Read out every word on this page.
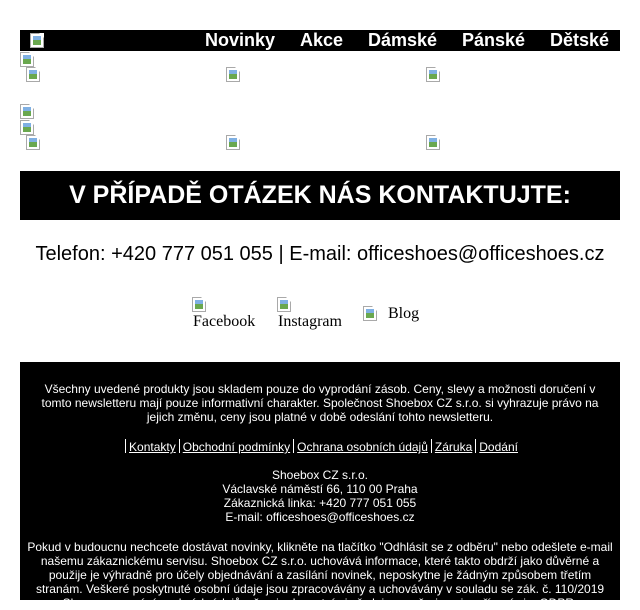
Novinky Akce Dámské Pánské Dětské
V PŘÍPADĚ OTÁZEK NÁS KONTAKTUJTE:
Telefon: +420 777 051 055 | E-mail: officeshoes@officeshoes.cz
Facebook Instagram	Blog

Všechny uvedené produkty jsou skladem pouze do vyprodání zásob. Ceny, slevy a možnosti doručení v tomto newsletteru mají pouze informativní charakter. Společnost Shoebox CZ s.r.o. si vyhrazuje právo na jejich změnu, ceny jsou platné v době odeslání tohto newsletteru.

Kontakty Obchodní podmínky Ochrana osobních údajů Záruka Dodání
Shoebox CZ s.r.o.
Václavské náměstí 66, 110 00 Praha
Zákaznická linka: +420 777 051 055
E-mail: officeshoes@officeshoes.cz

Pokud v budoucnu nechcete dostávat novinky, klikněte na tlačítko "Odhlásit se z odběru" nebo odešlete e-mail našemu zákaznickému servisu. Shoebox CZ s.r.o. uchovává informace, které takto obdrží jako důvěrné a použije je výhradně pro účely objednávání a zasílání novinek, neposkytne je žádným způsobem třetím stranám. Veškeré poskytnuté osobní údaje jsou zpracovávány a uchovávány v souladu se zák. č. 110/2019 Sb., o zpracování osobních údajů, všemi relevantními předpisy, směrnicemi, nařízeními a GDPR.
